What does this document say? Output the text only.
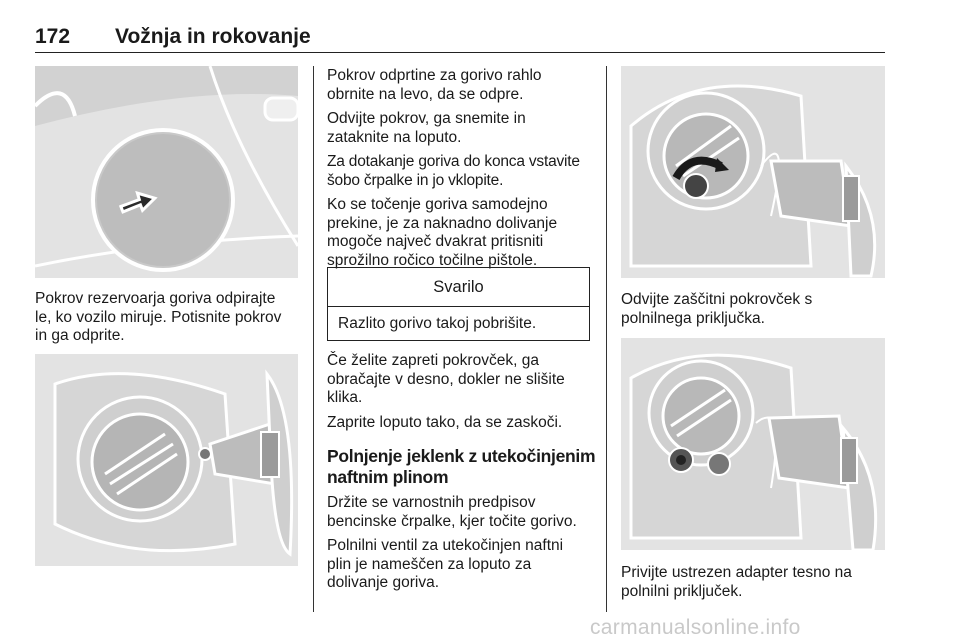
172 Vožnja in rokovanje

Pokrov rezervoarja goriva odpirajte
le, ko vozilo miruje. Potisnite pokrov
in ga odprite.

Pokrov odprtine za gorivo rahlo
obrnite na levo, da se odpre.

Odvijte pokrov, ga snemite in
zataknite na loputo.

Za dotakanje goriva do konca vstavite
šobo črpalke in jo vklopite.

Ko se točenje goriva samodejno
prekine, je za naknadno dolivanje
mogoče največ dvakrat pritisniti
sprožilno ročico točilne pištole.

Svarilo
Razlito gorivo takoj pobrišite.

Če želite zapreti pokrovček, ga
obračajte v desno, dokler ne slišite
klika.

Zaprite loputo tako, da se zaskoči.

Polnjenje jeklenk z utekočinjenim
naftnim plinom

Držite se varnostnih predpisov
bencinske črpalke, kjer točite gorivo.

Polnilni ventil za utekočinjen naftni
plin je nameščen za loputo za
dolivanje goriva.

Odvijte zaščitni pokrovček s
polnilnega priključka.

Privijte ustrezen adapter tesno na
polnilni priključek.

carmanualsonline.info
